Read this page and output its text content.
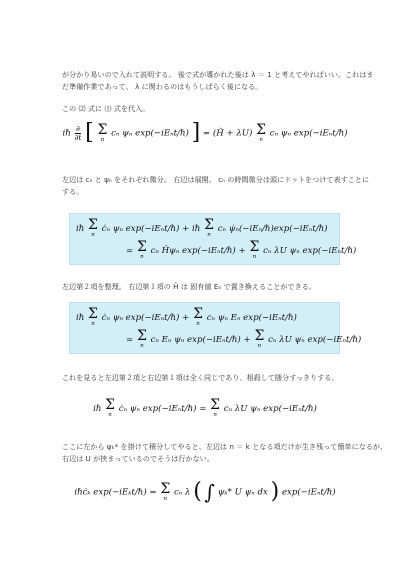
が分かり易いので入れて説明する。 後で式が導かれた後は λ ＝ 1 と考えてやればいい。これはま
だ準備作業であって、 λ に関わるのはもうしばらく後になる。
この ⑵ 式に ⑴ 式を代入。
iℏ $\frac{\partial}{\partial t}$ [ Σ
n
cₙ ψₙ exp(−iEₙt/ℏ) ] = (Ĥ + λU) Σ
n
cₙ ψₙ exp(−iEₙt/ℏ)
左辺は cₙ と ψₙ をそれぞれ微分。 右辺は展開。 cₙ の時間微分は頭にドットをつけて表すことに
する。
iℏ Σ
n
ċₙ ψₙ exp(−iEₙt/ℏ) + iℏ Σ
n
cₙ ψ̇ₙ(−iEₙ/ℏ)exp(−iEₙt/ℏ)
= Σ
n
cₙ Ĥψₙ exp(−iEₙt/ℏ) + Σ
n
cₙ λU ψₙ exp(−iEₙt/ℏ)
左辺第２項を整理。 右辺第１項の Ĥ は 固有値 Eₙ で置き換えることができる。
iℏ Σ
n
ċₙ ψₙ exp(−iEₙt/ℏ) + Σ
n
cₙ ψₙ Eₙ exp(−iEₙt/ℏ)
= Σ
n
cₙ Eₙ ψₙ exp(−iEₙt/ℏ) + Σ
n
cₙ λU ψₙ exp(−iEₙt/ℏ)
これを見ると左辺第２項と右辺第１項は全く同じであり、相殺して随分すっきりする。
iℏ Σ
n
ċₙ ψₙ exp(−iEₙt/ℏ) = Σ
n
cₙ λU ψₙ exp(−iEₙt/ℏ)
ここに左から ψₖ* を掛けて積分してやると、左辺は n ＝ k となる項だけが生き残って簡単になるが、
右辺は U が挟まっているのでそうは行かない。
iℏċₖ exp(−iEₖt/ℏ) = Σ
n
cₙ λ ( ∫ ψₖ* U ψₙ dx ) exp(−iEₙt/ℏ)
